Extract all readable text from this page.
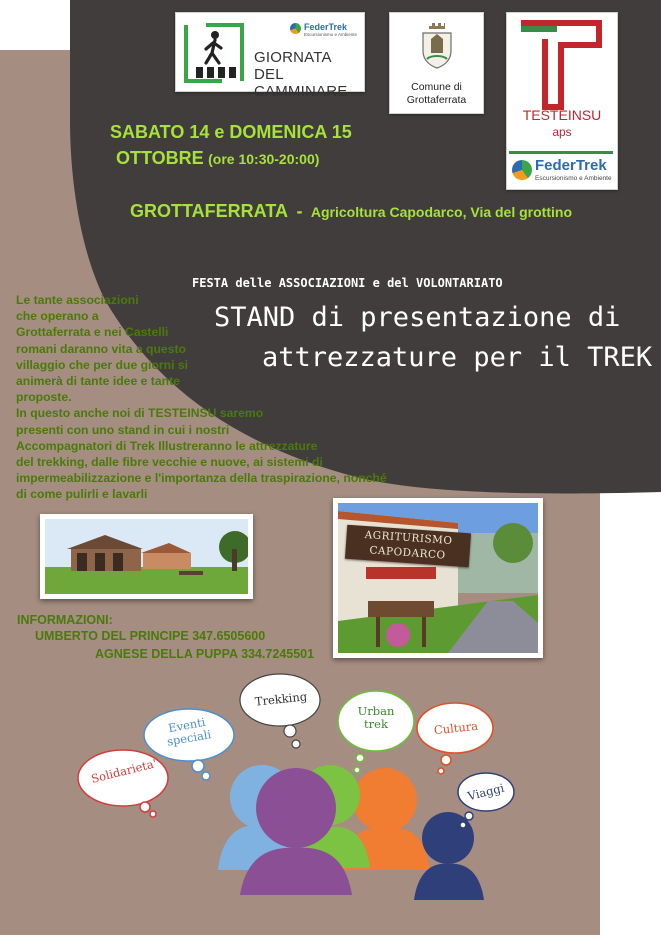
FederTrek
Escursionismo e Ambiente
GIORNATA DEL
CAMMINARE	Comune di
Grottaferrata
TESTEINSU
aps
FederTrek
Escursionismo e Ambiente
SABATO 14 e DOMENICA 15
OTTOBRE (ore 10:30-20:00)
GROTTAFERRATA - Agricoltura Capodarco, Via del grottino
FESTA delle ASSOCIAZIONI e del VOLONTARIATO
STAND di presentazione di
attrezzature per il TREK
Le tante associazioni
che operano a
Grottaferrata e nei Castelli
romani daranno vita a questo
villaggio che per due giorni si
animerà di tante idee e tante
proposte.
In questo anche noi di TESTEINSU saremo
presenti con uno stand in cui i nostri
Accompagnatori di Trek Illustreranno le attrezzature
del trekking, dalle fibre vecchie e nuove, ai sistemi di
impermeabilizzazione e l'importanza della traspirazione, nonché
di come pulirli e lavarli
AGRITURISMO
CAPODARCO
INFORMAZIONI:
UMBERTO DEL PRINCIPE 347.6505600
AGNESE DELLA PUPPA 334.7245501
Solidarieta'
Eventi speciali
Trekking
Urban trek	Cultura
Viaggi
